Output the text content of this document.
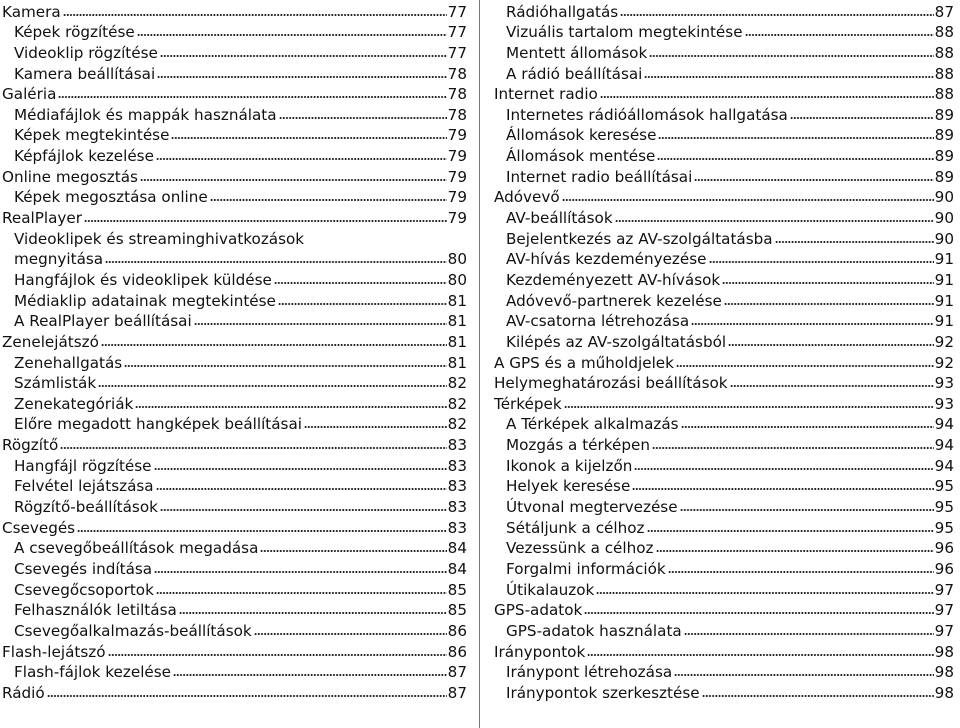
Kamera	77
Képek rögzítése	77
Videoklip rögzítése	77
Kamera beállításai	78
Galéria	78
Médiafájlok és mappák használata	78
Képek megtekintése	79
Képfájlok kezelése	79
Online megosztás	79
Képek megosztása online	79
RealPlayer	79
Videoklipek és streaminghivatkozások
megnyitása	80
Hangfájlok és videoklipek küldése	80
Médiaklip adatainak megtekintése	81
A RealPlayer beállításai	81
Zenelejátszó	81
Zenehallgatás	81
Számlisták	82
Zenekategóriák	82
Előre megadott hangképek beállításai	82
Rögzítő	83
Hangfájl rögzítése	83
Felvétel lejátszása	83
Rögzítő-beállítások	83
Csevegés	83
A csevegőbeállítások megadása	84
Csevegés indítása	84
Csevegőcsoportok	85
Felhasználók letiltása	85
Csevegőalkalmazás-beállítások	86
Flash-lejátszó	86
Flash-fájlok kezelése	87
Rádió	87
Rádióhallgatás	87
Vizuális tartalom megtekintése	88
Mentett állomások	88
A rádió beállításai	88
Internet radio	88
Internetes rádióállomások hallgatása	89
Állomások keresése	89
Állomások mentése	89
Internet radio beállításai	89
Adóvevő	90
AV-beállítások	90
Bejelentkezés az AV-szolgáltatásba	90
AV-hívás kezdeményezése	91
Kezdeményezett AV-hívások	91
Adóvevő-partnerek kezelése	91
AV-csatorna létrehozása	91
Kilépés az AV-szolgáltatásból	92
A GPS és a műholdjelek	92
Helymeghatározási beállítások	93
Térképek	93
A Térképek alkalmazás	94
Mozgás a térképen	94
Ikonok a kijelzőn	94
Helyek keresése	95
Útvonal megtervezése	95
Sétáljunk a célhoz	95
Vezessünk a célhoz	96
Forgalmi információk	96
Útikalauzok	97
GPS-adatok	97
GPS-adatok használata	97
Iránypontok	98
Iránypont létrehozása	98
Iránypontok szerkesztése	98
